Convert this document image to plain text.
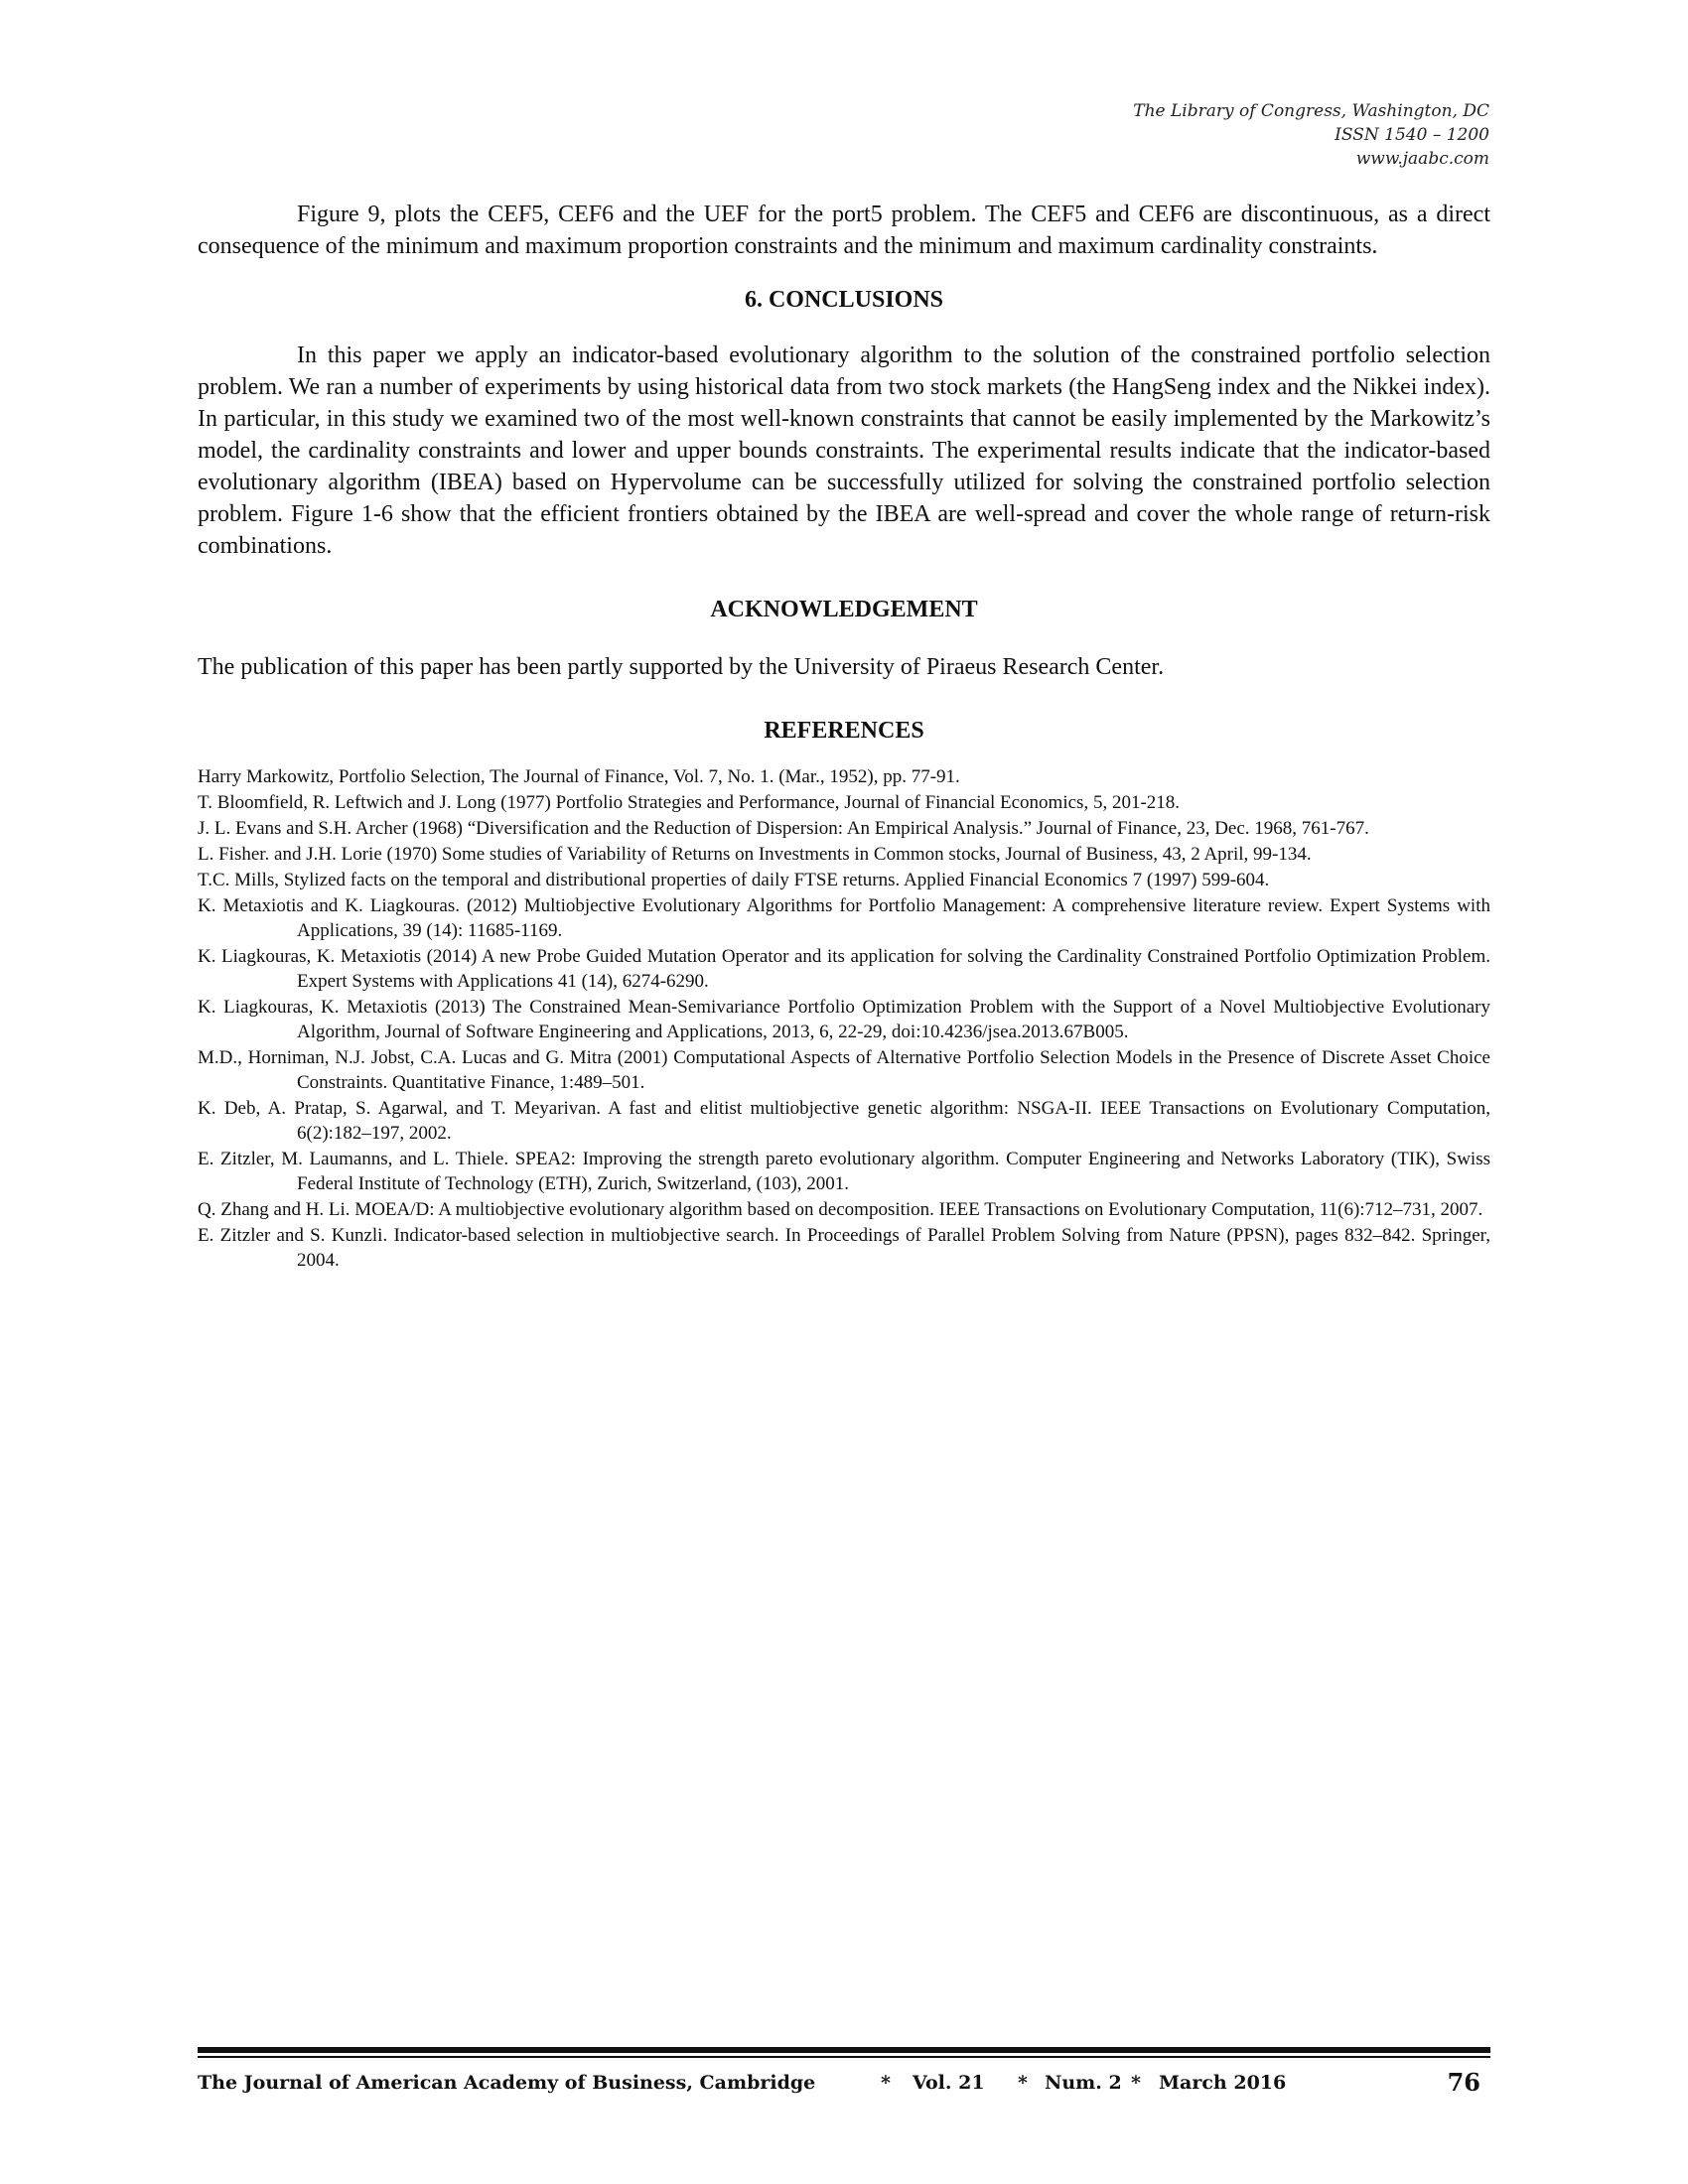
The Library of Congress, Washington, DC
ISSN 1540 – 1200
www.jaabc.com

Figure 9, plots the CEF5, CEF6 and the UEF for the port5 problem. The CEF5 and CEF6 are discontinuous, as a direct consequence of the minimum and maximum proportion constraints and the minimum and maximum cardinality constraints.

6. CONCLUSIONS

In this paper we apply an indicator-based evolutionary algorithm to the solution of the constrained portfolio selection problem. We ran a number of experiments by using historical data from two stock markets (the HangSeng index and the Nikkei index). In particular, in this study we examined two of the most well-known constraints that cannot be easily implemented by the Markowitz’s model, the cardinality constraints and lower and upper bounds constraints. The experimental results indicate that the indicator-based evolutionary algorithm (IBEA) based on Hypervolume can be successfully utilized for solving the constrained portfolio selection problem. Figure 1-6 show that the efficient frontiers obtained by the IBEA are well-spread and cover the whole range of return-risk combinations.

ACKNOWLEDGEMENT

The publication of this paper has been partly supported by the University of Piraeus Research Center.

REFERENCES
Harry Markowitz, Portfolio Selection, The Journal of Finance, Vol. 7, No. 1. (Mar., 1952), pp. 77-91.
T. Bloomfield, R. Leftwich and J. Long (1977) Portfolio Strategies and Performance, Journal of Financial Economics, 5, 201-218.
J. L. Evans and S.H. Archer (1968) “Diversification and the Reduction of Dispersion: An Empirical Analysis.” Journal of Finance, 23, Dec. 1968, 761-767.
L. Fisher. and J.H. Lorie (1970) Some studies of Variability of Returns on Investments in Common stocks, Journal of Business, 43, 2 April, 99-134.
T.C. Mills, Stylized facts on the temporal and distributional properties of daily FTSE returns. Applied Financial Economics 7 (1997) 599-604.
K. Metaxiotis and K. Liagkouras. (2012) Multiobjective Evolutionary Algorithms for Portfolio Management: A comprehensive literature review. Expert Systems with Applications, 39 (14): 11685-1169.
K. Liagkouras, K. Metaxiotis (2014) A new Probe Guided Mutation Operator and its application for solving the Cardinality Constrained Portfolio Optimization Problem. Expert Systems with Applications 41 (14), 6274-6290.
K. Liagkouras, K. Metaxiotis (2013) The Constrained Mean-Semivariance Portfolio Optimization Problem with the Support of a Novel Multiobjective Evolutionary Algorithm, Journal of Software Engineering and Applications, 2013, 6, 22-29, doi:10.4236/jsea.2013.67B005.
M.D., Horniman, N.J. Jobst, C.A. Lucas and G. Mitra (2001) Computational Aspects of Alternative Portfolio Selection Models in the Presence of Discrete Asset Choice Constraints. Quantitative Finance, 1:489–501.
K. Deb, A. Pratap, S. Agarwal, and T. Meyarivan. A fast and elitist multiobjective genetic algorithm: NSGA-II. IEEE Transactions on Evolutionary Computation, 6(2):182–197, 2002.
E. Zitzler, M. Laumanns, and L. Thiele. SPEA2: Improving the strength pareto evolutionary algorithm. Computer Engineering and Networks Laboratory (TIK), Swiss Federal Institute of Technology (ETH), Zurich, Switzerland, (103), 2001.
Q. Zhang and H. Li. MOEA/D: A multiobjective evolutionary algorithm based on decomposition. IEEE Transactions on Evolutionary Computation, 11(6):712–731, 2007.
E. Zitzler and S. Kunzli. Indicator-based selection in multiobjective search. In Proceedings of Parallel Problem Solving from Nature (PPSN), pages 832–842. Springer, 2004.
The Journal of American Academy of Business, Cambridge	* Vol. 21 * Num. 2 * March 2016	76
